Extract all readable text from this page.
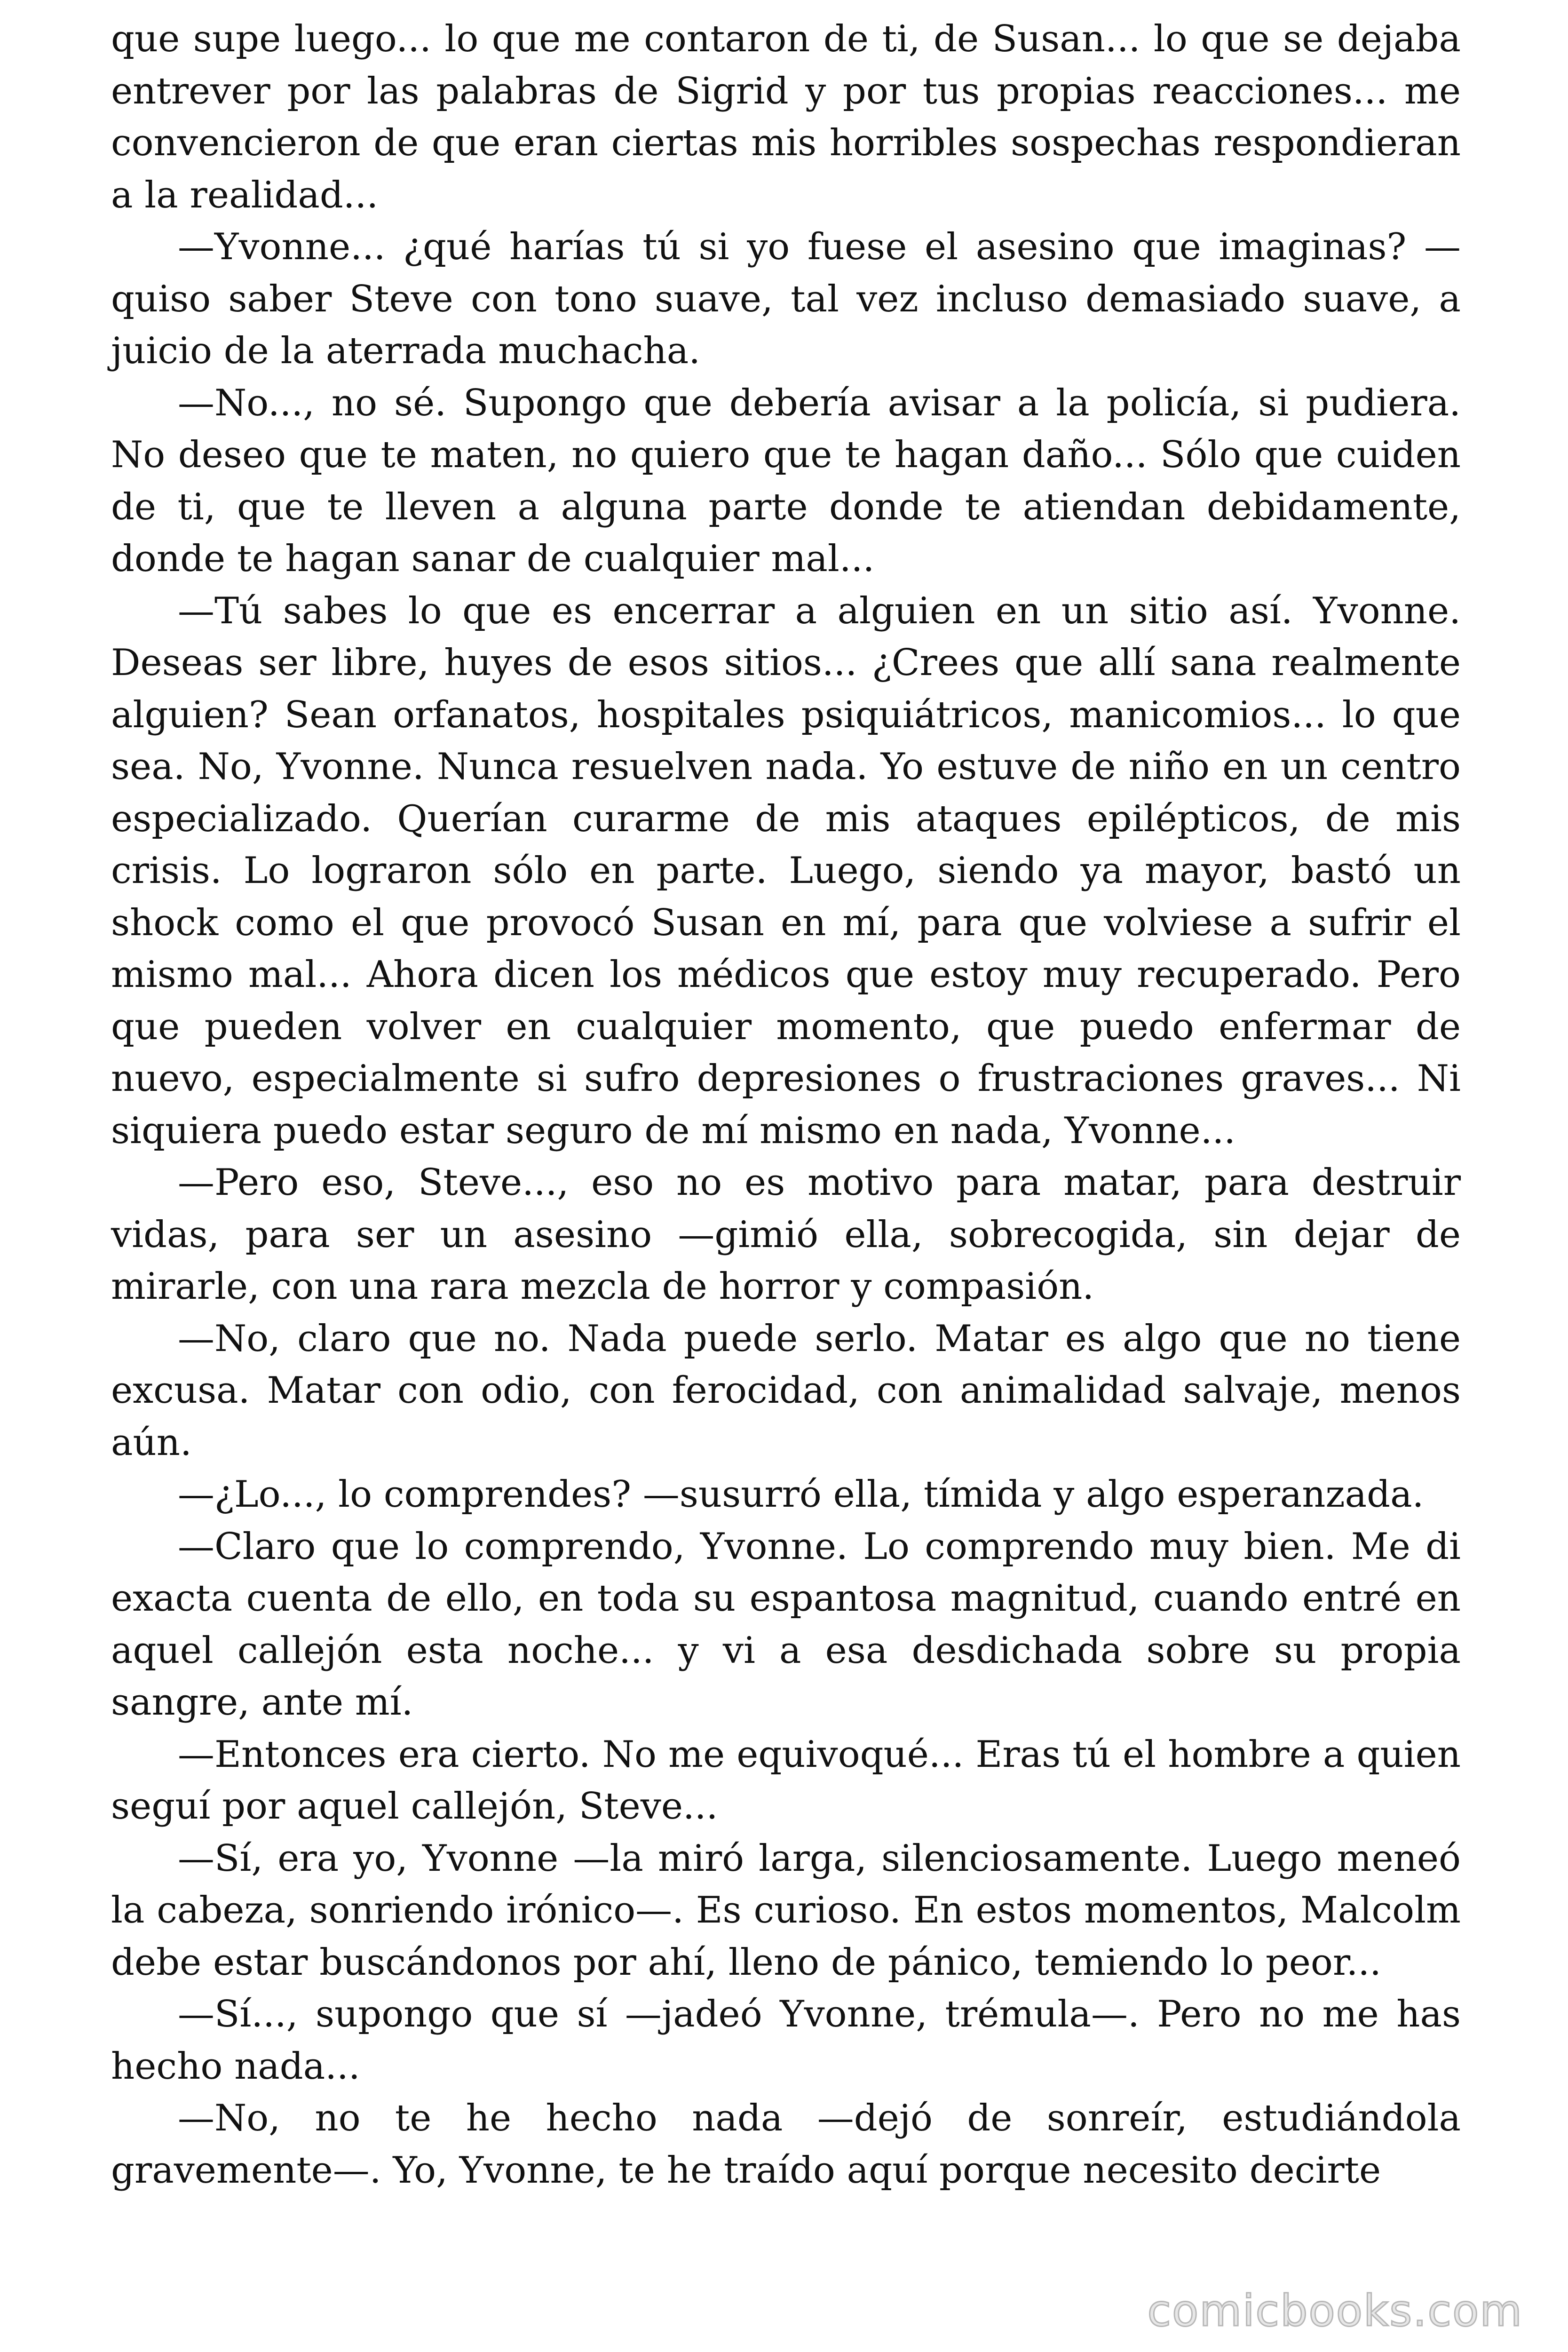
que supe luego... lo que me contaron de ti, de Susan... lo que se dejaba entrever por las palabras de Sigrid y por tus propias reacciones... me convencieron de que eran ciertas mis horribles sospechas respondieran a la realidad...

—Yvonne... ¿qué harías tú si yo fuese el asesino que imaginas? —quiso saber Steve con tono suave, tal vez incluso demasiado suave, a juicio de la aterrada muchacha.

—No..., no sé. Supongo que debería avisar a la policía, si pudiera. No deseo que te maten, no quiero que te hagan daño... Sólo que cuiden de ti, que te lleven a alguna parte donde te atiendan debidamente, donde te hagan sanar de cualquier mal...

—Tú sabes lo que es encerrar a alguien en un sitio así. Yvonne. Deseas ser libre, huyes de esos sitios... ¿Crees que allí sana realmente alguien? Sean orfanatos, hospitales psiquiátricos, manicomios... lo que sea. No, Yvonne. Nunca resuelven nada. Yo estuve de niño en un centro especializado. Querían curarme de mis ataques epilépticos, de mis crisis. Lo lograron sólo en parte. Luego, siendo ya mayor, bastó un shock como el que provocó Susan en mí, para que volviese a sufrir el mismo mal... Ahora dicen los médicos que estoy muy recuperado. Pero que pueden volver en cualquier momento, que puedo enfermar de nuevo, especialmente si sufro depresiones o frustraciones graves... Ni siquiera puedo estar seguro de mí mismo en nada, Yvonne...

—Pero eso, Steve..., eso no es motivo para matar, para destruir vidas, para ser un asesino —gimió ella, sobrecogida, sin dejar de mirarle, con una rara mezcla de horror y compasión.

—No, claro que no. Nada puede serlo. Matar es algo que no tiene excusa. Matar con odio, con ferocidad, con animalidad salvaje, menos aún.

—¿Lo..., lo comprendes? —susurró ella, tímida y algo esperanzada.

—Claro que lo comprendo, Yvonne. Lo comprendo muy bien. Me di exacta cuenta de ello, en toda su espantosa magnitud, cuando entré en aquel callejón esta noche... y vi a esa desdichada sobre su propia sangre, ante mí.

—Entonces era cierto. No me equivoqué... Eras tú el hombre a quien seguí por aquel callejón, Steve...

—Sí, era yo, Yvonne —la miró larga, silenciosamente. Luego meneó la cabeza, sonriendo irónico—. Es curioso. En estos momentos, Malcolm debe estar buscándonos por ahí, lleno de pánico, temiendo lo peor...

—Sí..., supongo que sí —jadeó Yvonne, trémula—. Pero no me has hecho nada...

—No, no te he hecho nada —dejó de sonreír, estudiándola gravemente—. Yo, Yvonne, te he traído aquí porque necesito decirte

comicbooks.com
